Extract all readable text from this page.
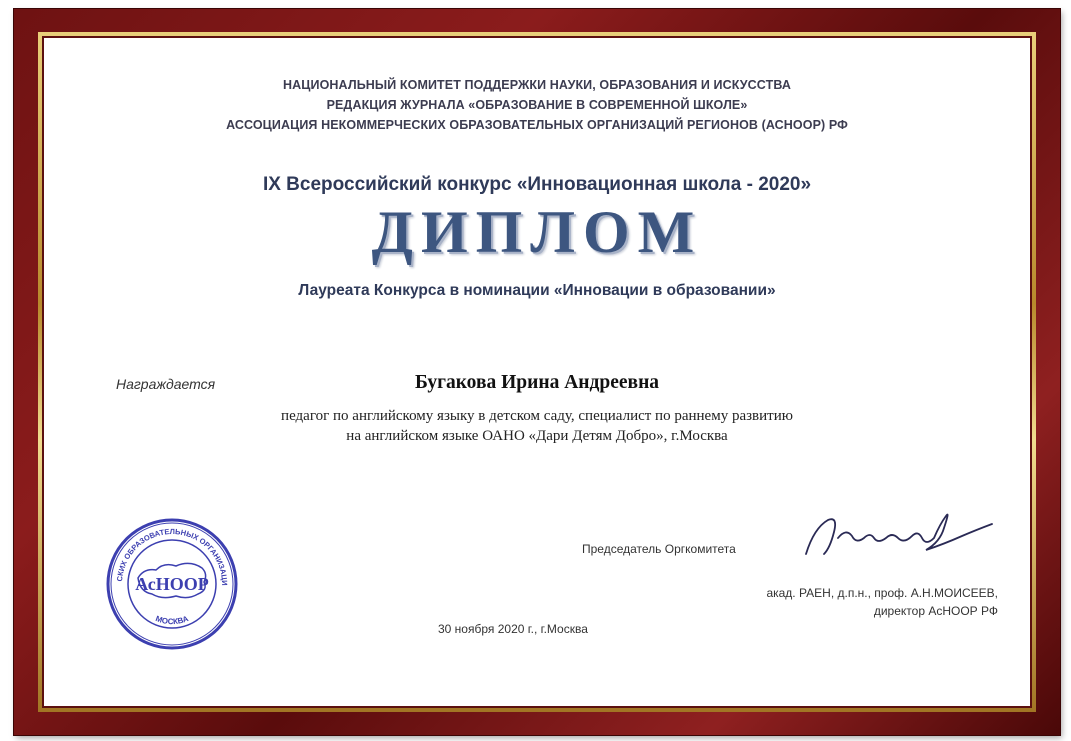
НАЦИОНАЛЬНЫЙ КОМИТЕТ ПОДДЕРЖКИ НАУКИ, ОБРАЗОВАНИЯ И ИСКУССТВА
РЕДАКЦИЯ ЖУРНАЛА «ОБРАЗОВАНИЕ В СОВРЕМЕННОЙ ШКОЛЕ»
АССОЦИАЦИЯ НЕКОММЕРЧЕСКИХ ОБРАЗОВАТЕЛЬНЫХ ОРГАНИЗАЦИЙ РЕГИОНОВ (АСНООР) РФ
IX Всероссийский конкурс «Инновационная школа - 2020»
ДИПЛОМ
Лауреата Конкурса в номинации «Инновации в образовании»
Награждается	Бугакова Ирина Андреевна
педагог по английскому языку в детском саду, специалист по раннему развитию
на английском языке ОАНО «Дари Детям Добро», г.Москва
СКИХ ОБРАЗОВАТЕЛЬНЫХ ОРГАНИЗАЦИ
МОСКВА
АсНООР
Председатель Оргкомитета
акад. РАЕН, д.п.н., проф. А.Н.МОИСЕЕВ,
директор АсНООР РФ
30 ноября 2020 г., г.Москва
